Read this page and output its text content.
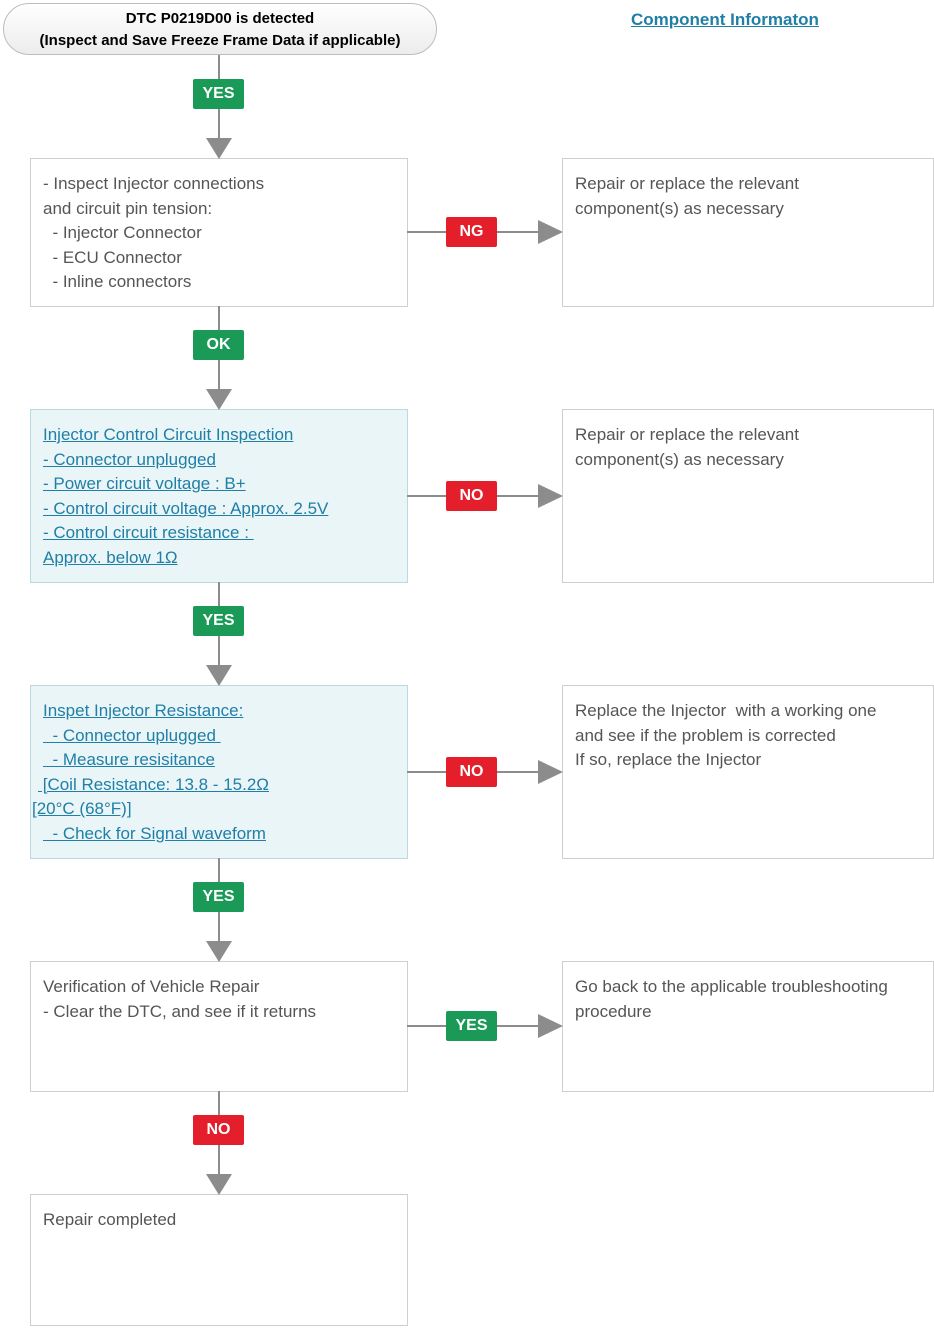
DTC P0219D00 is detected
(Inspect and Save Freeze Frame Data if applicable)
Component Informaton
YES
- Inspect Injector connections
and circuit pin tension:
- Injector Connector
- ECU Connector
- Inline connectors
NG
Repair or replace the relevant
component(s) as necessary
OK
Injector Control Circuit Inspection
- Connector unplugged
- Power circuit voltage : B+
- Control circuit voltage : Approx. 2.5V
- Control circuit resistance :
Approx. below 1Ω
NO
Repair or replace the relevant
component(s) as necessary
YES
Inspet Injector Resistance:
- Connector uplugged
- Measure resisitance
[Coil Resistance: 13.8 - 15.2Ω
[20°C (68°F)]
- Check for Signal waveform
NO
Replace the Injector  with a working one
and see if the problem is corrected
If so, replace the Injector
YES
Verification of Vehicle Repair
- Clear the DTC, and see if it returns
YES
Go back to the applicable troubleshooting
procedure
NO
Repair completed
